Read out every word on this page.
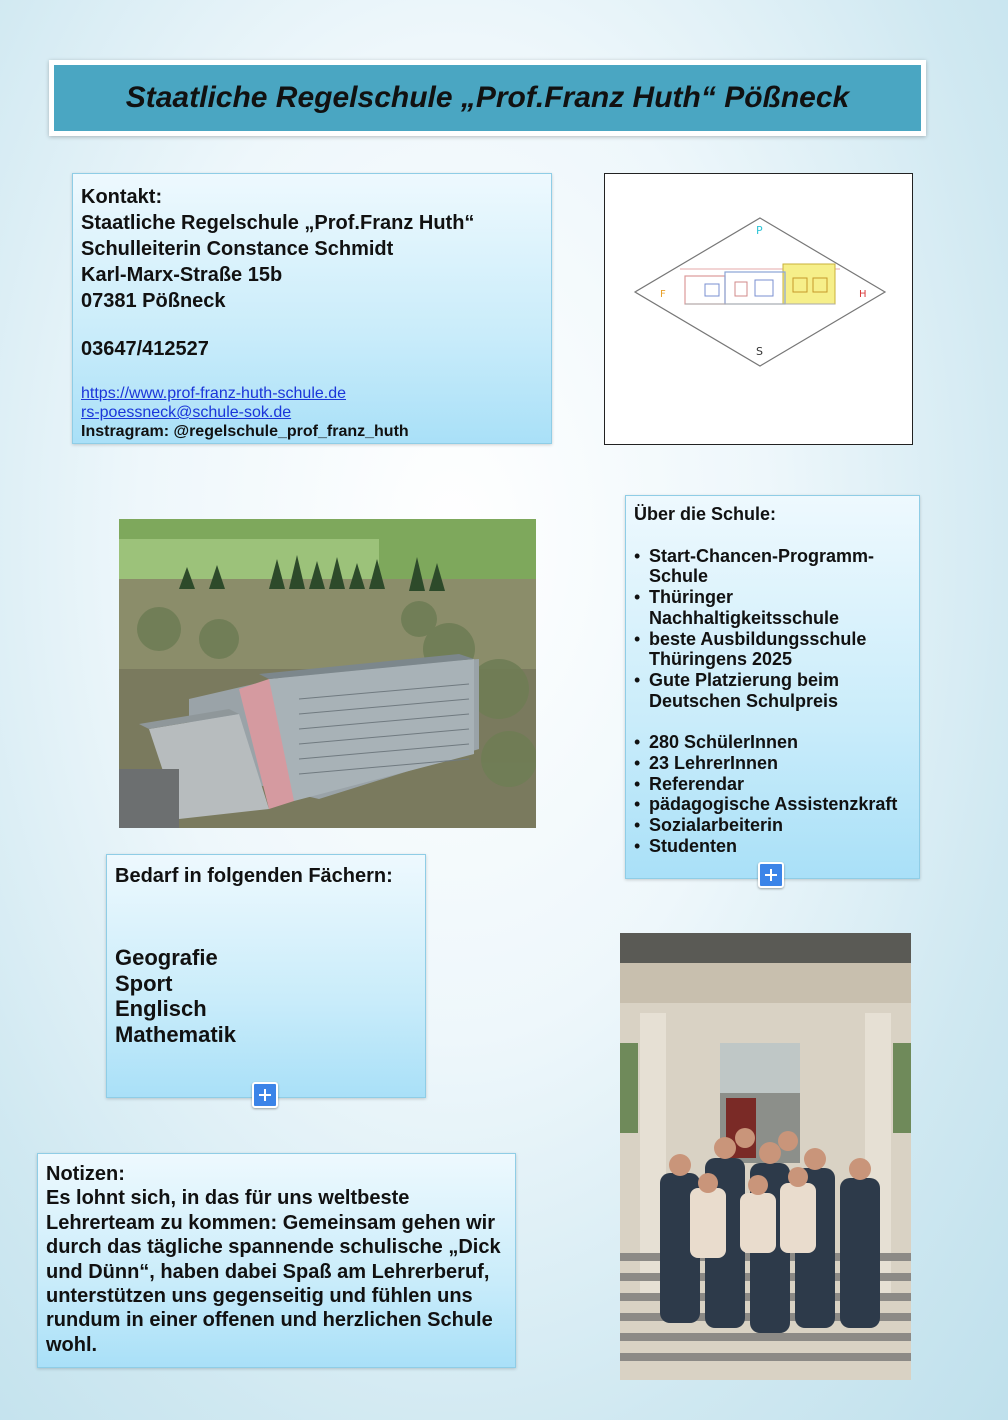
Staatliche Regelschule „Prof.Franz Huth“ Pößneck
Kontakt:
Staatliche Regelschule „Prof.Franz Huth“
Schulleiterin Constance Schmidt
Karl-Marx-Straße 15b
07381 Pößneck
03647/412527
https://www.prof-franz-huth-schule.de
rs-poessneck@schule-sok.de
Instragram: @regelschule_prof_franz_huth
P
F	H
S
Über die Schule:
• Start-Chancen-Programm-Schule
• Thüringer Nachhaltigkeitsschule
• beste Ausbildungsschule Thüringens 2025
• Gute Platzierung beim Deutschen Schulpreis
• 280 SchülerInnen
• 23 LehrerInnen
• Referendar
• pädagogische Assistenzkraft
• Sozialarbeiterin
• Studenten
Bedarf in folgenden Fächern:
Geografie
Sport
Englisch
Mathematik
Notizen:
Es lohnt sich, in das für uns weltbeste Lehrerteam zu kommen: Gemeinsam gehen wir durch das tägliche spannende schulische „Dick und Dünn“, haben dabei Spaß am Lehrerberuf, unterstützen uns gegenseitig und fühlen uns rundum in einer offenen und herzlichen Schule wohl.
